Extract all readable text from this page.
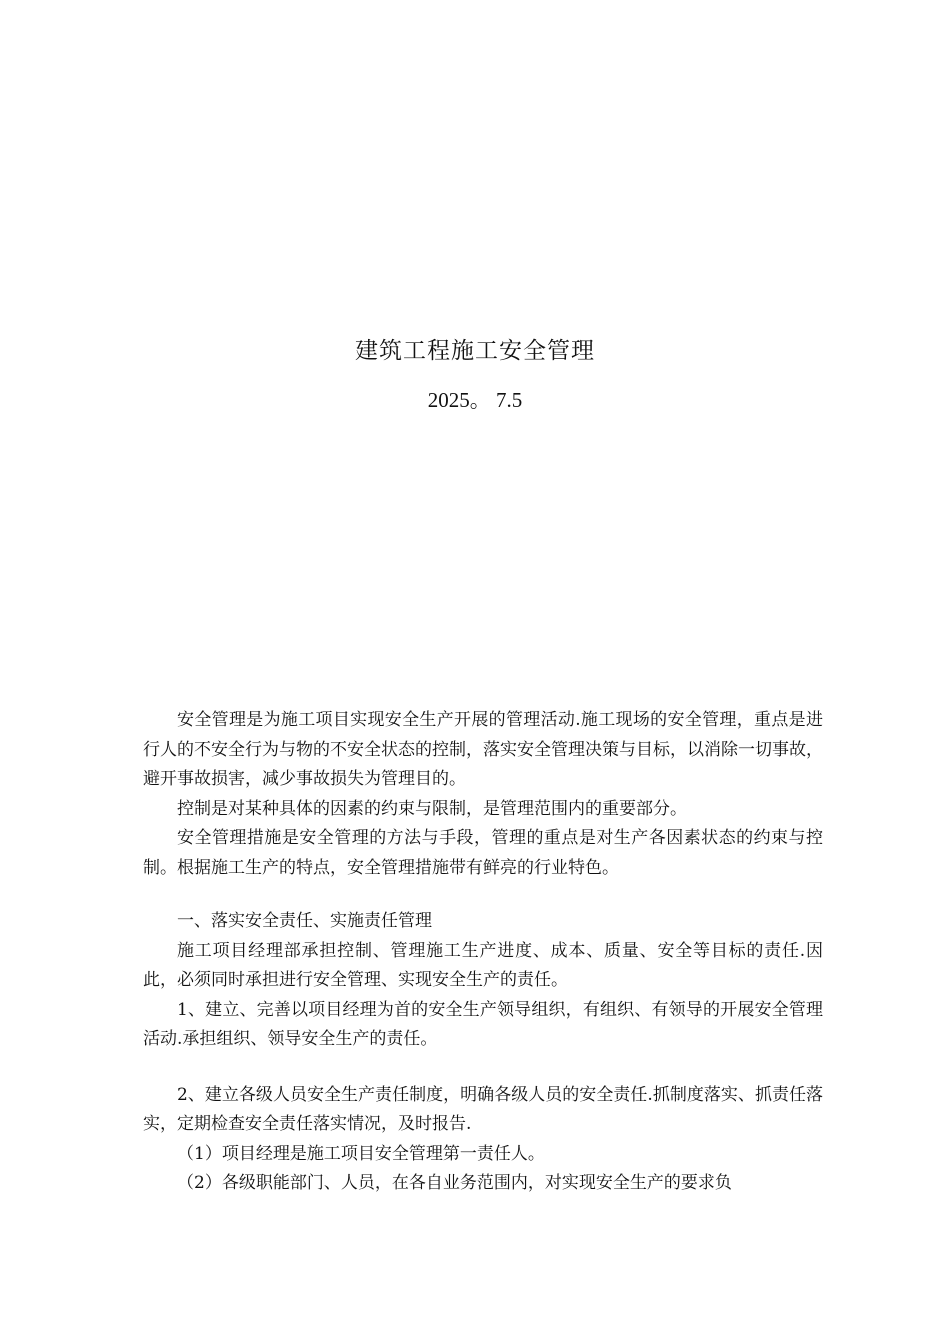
建筑工程施工安全管理
2025。 7.5

安全管理是为施工项目实现安全生产开展的管理活动.施工现场的安全管理，重点是进行人的不安全行为与物的不安全状态的控制，落实安全管理决策与目标，以消除一切事故，避开事故损害，减少事故损失为管理目的。

控制是对某种具体的因素的约束与限制，是管理范围内的重要部分。

安全管理措施是安全管理的方法与手段，管理的重点是对生产各因素状态的约束与控制。根据施工生产的特点，安全管理措施带有鲜亮的行业特色。

一、落实安全责任、实施责任管理

施工项目经理部承担控制、管理施工生产进度、成本、质量、安全等目标的责任.因此，必须同时承担进行安全管理、实现安全生产的责任。

1、建立、完善以项目经理为首的安全生产领导组织，有组织、有领导的开展安全管理活动.承担组织、领导安全生产的责任。

2、建立各级人员安全生产责任制度，明确各级人员的安全责任.抓制度落实、抓责任落实，定期检查安全责任落实情况，及时报告.

（1）项目经理是施工项目安全管理第一责任人。

（2）各级职能部门、人员，在各自业务范围内，对实现安全生产的要求负
